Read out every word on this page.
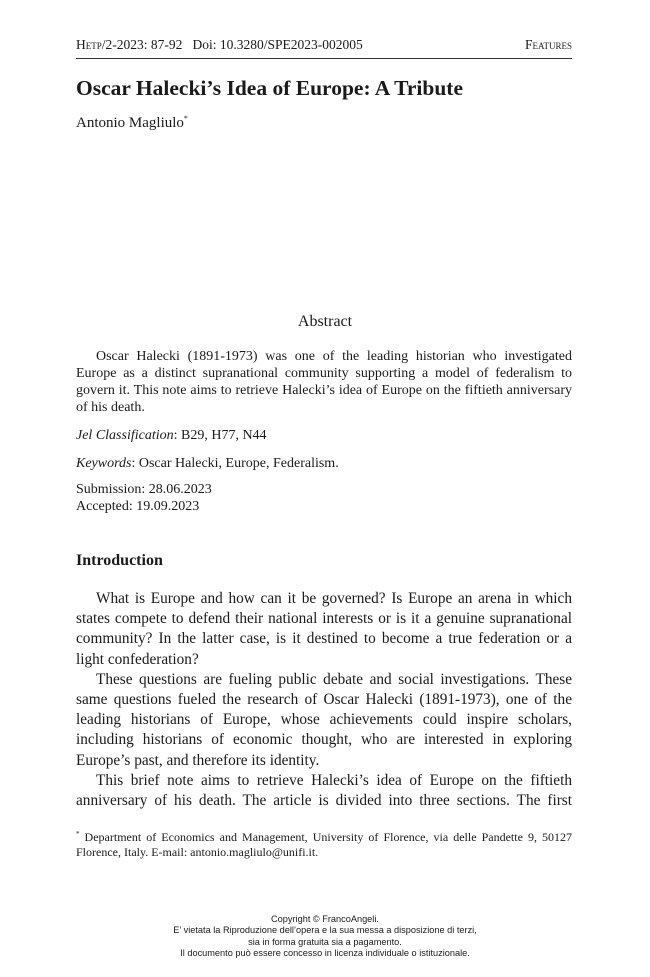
Hetp/2-2023: 87-92 Doi: 10.3280/SPE2023-002005	Features
Oscar Halecki’s Idea of Europe: A Tribute
Antonio Magliulo*
Abstract

Oscar Halecki (1891-1973) was one of the leading historian who investigated Europe as a distinct supranational community supporting a model of federalism to govern it. This note aims to retrieve Halecki’s idea of Europe on the fiftieth anniversary of his death.

Jel Classification: B29, H77, N44
Keywords: Oscar Halecki, Europe, Federalism.
Submission: 28.06.2023
Accepted: 19.09.2023
Introduction

What is Europe and how can it be governed? Is Europe an arena in which states compete to defend their national interests or is it a genuine supranational community? In the latter case, is it destined to become a true federation or a light confederation?

These questions are fueling public debate and social investigations. These same questions fueled the research of Oscar Halecki (1891-1973), one of the leading historians of Europe, whose achievements could inspire scholars, including historians of economic thought, who are interested in exploring Europe’s past, and therefore its identity.

This brief note aims to retrieve Halecki’s idea of Europe on the fiftieth anniversary of his death. The article is divided into three sections. The first

* Department of Economics and Management, University of Florence, via delle Pandette 9, 50127 Florence, Italy. E-mail: antonio.magliulo@unifi.it.
Copyright © FrancoAngeli.
E’ vietata la Riproduzione dell’opera e la sua messa a disposizione di terzi,
sia in forma gratuita sia a pagamento.
Il documento può essere concesso in licenza individuale o istituzionale.
